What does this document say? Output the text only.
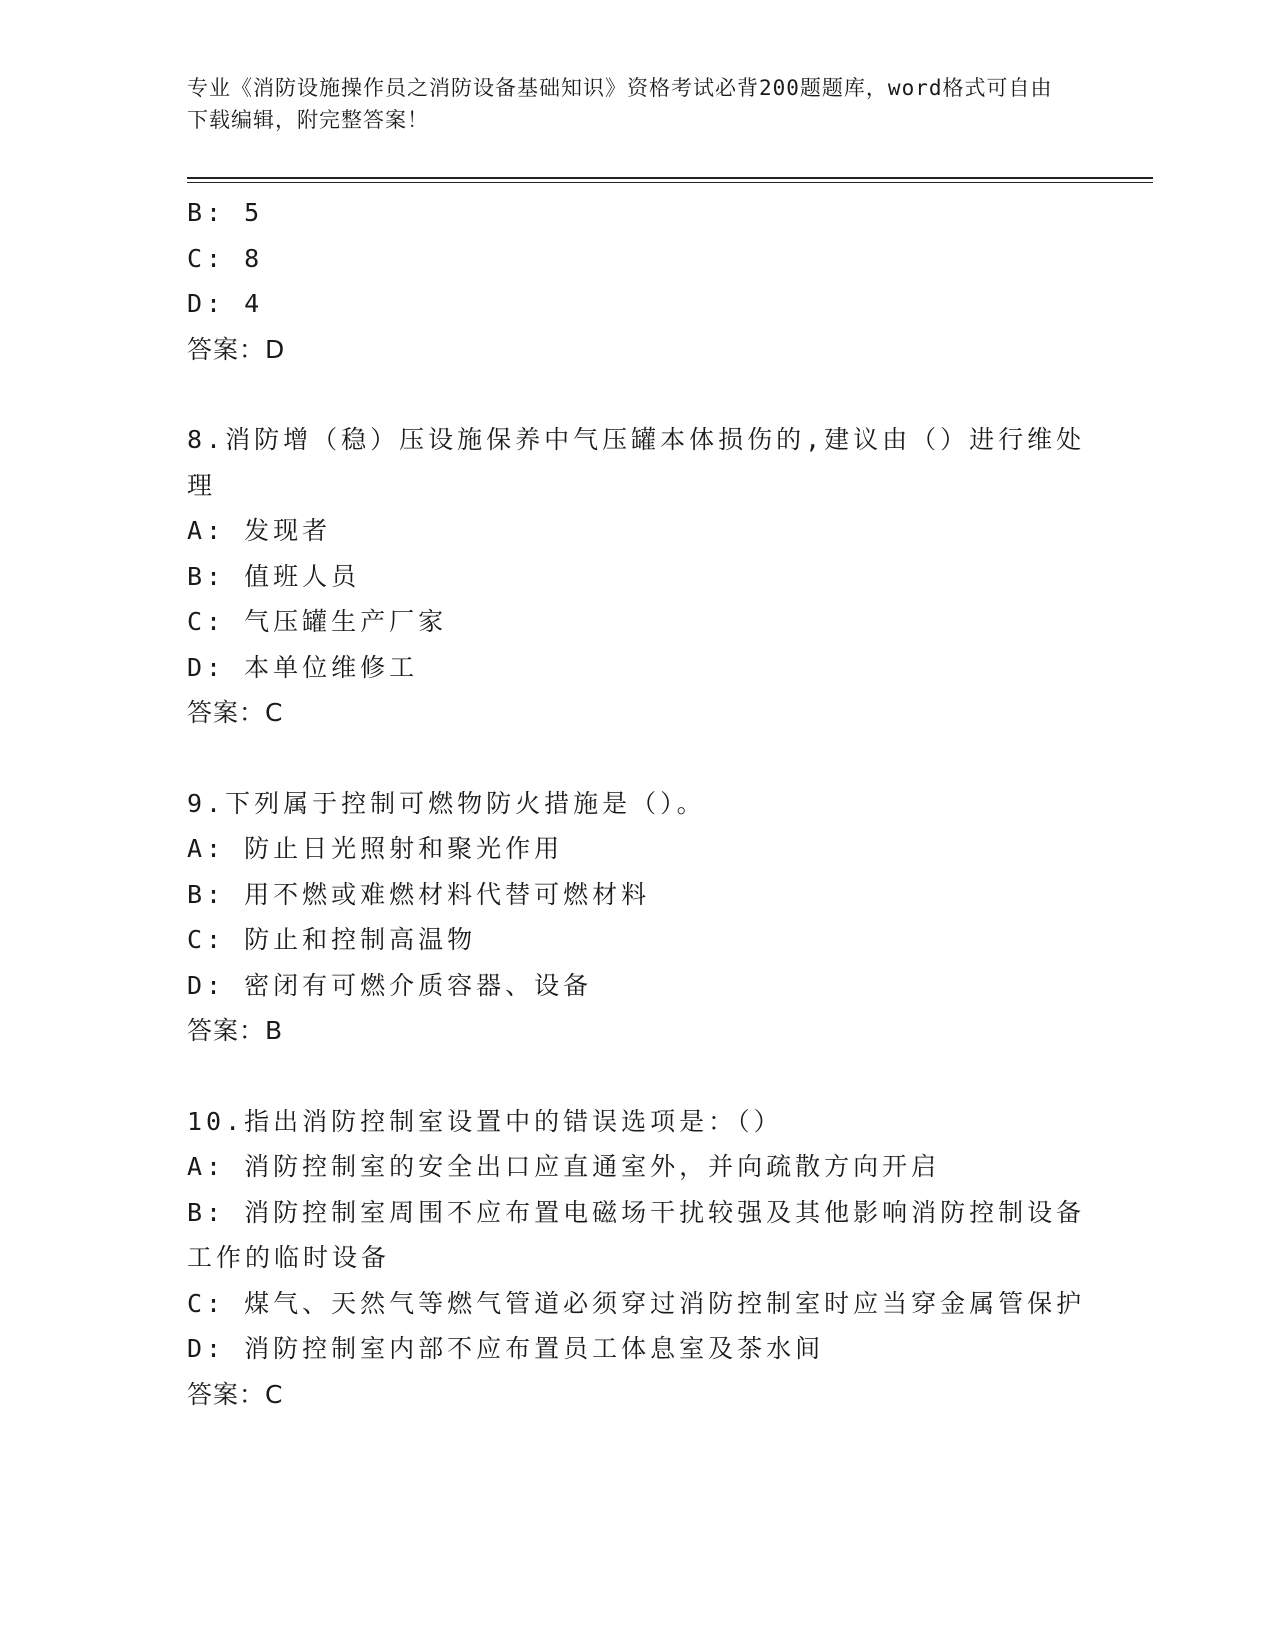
专业《消防设施操作员之消防设备基础知识》资格考试必背200题题库，word格式可自由下载编辑，附完整答案！
B: 5
C: 8
D: 4
答案：D
8.消防增（稳）压设施保养中气压罐本体损伤的,建议由（）进行维处理
A: 发现者
B: 值班人员
C: 气压罐生产厂家
D: 本单位维修工
答案：C
9.下列属于控制可燃物防火措施是（）。
A: 防止日光照射和聚光作用
B: 用不燃或难燃材料代替可燃材料
C: 防止和控制高温物
D: 密闭有可燃介质容器、设备
答案：B
10.指出消防控制室设置中的错误选项是：（）
A: 消防控制室的安全出口应直通室外，并向疏散方向开启
B: 消防控制室周围不应布置电磁场干扰较强及其他影响消防控制设备工作的临时设备
C: 煤气、天然气等燃气管道必须穿过消防控制室时应当穿金属管保护
D: 消防控制室内部不应布置员工体息室及茶水间
答案：C
